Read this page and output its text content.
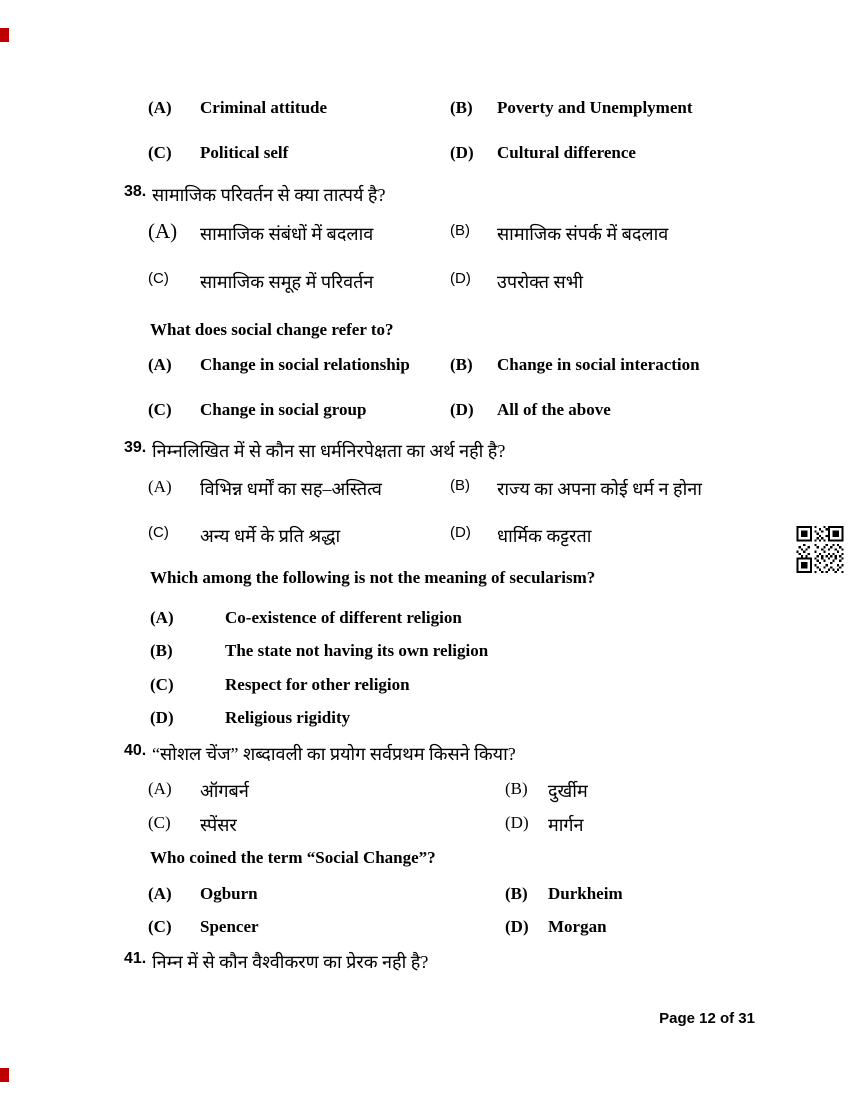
(A) Criminal attitude	(B) Poverty and Unemplyment
(C) Political self	(D) Cultural difference
38. सामाजिक परिवर्तन से क्या तात्पर्य है?
(A) सामाजिक संबंधों में बदलाव	(B) सामाजिक संपर्क में बदलाव
(C) सामाजिक समूह में परिवर्तन	(D) उपरोक्त सभी
What does social change refer to?
(A) Change in social relationship (B) Change in social interaction
(C) Change in social group	(D) All of the above
39. निम्नलिखित में से कौन सा धर्मनिरपेक्षता का अर्थ नही है?
(A) विभिन्न धर्मों का सह–अस्तित्व	(B) राज्य का अपना कोई धर्म न होना
(C) अन्य धर्मे के प्रति श्रद्धा	(D) धार्मिक कट्टरता
Which among the following is not the meaning of secularism?
(A)	Co-existence of different religion
(B)	The state not having its own religion
(C)	Respect for other religion
(D)	Religious rigidity
40. “सोशल चेंज” शब्दावली का प्रयोग सर्वप्रथम किसने किया?
(A) ऑगबर्न	(B) दुर्खीम
(C) स्पेंसर	(D) मार्गन
Who coined the term “Social Change”?
(A) Ogburn	(B) Durkheim
(C) Spencer	(D) Morgan
41. निम्न में से कौन वैश्वीकरण का प्रेरक नही है?
Page 12 of 31
